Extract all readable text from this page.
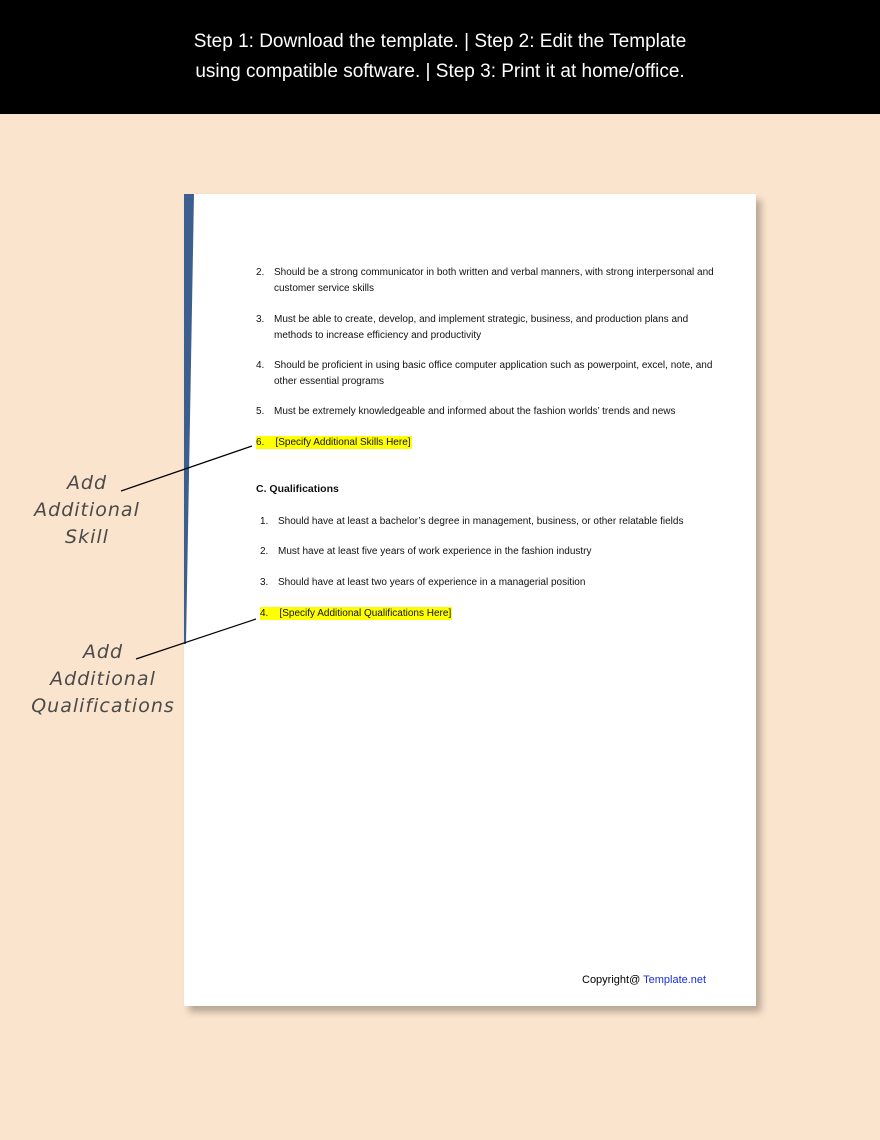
Step 1: Download the template. | Step 2: Edit the Template
using compatible software. | Step 3: Print it at home/office.
2. Should be a strong communicator in both written and verbal manners, with strong interpersonal and customer service skills
3. Must be able to create, develop, and implement strategic, business, and production plans and methods to increase efficiency and productivity
4. Should be proficient in using basic office computer application such as powerpoint, excel, note, and other essential programs
5. Must be extremely knowledgeable and informed about the fashion worlds’ trends and news
6. [Specify Additional Skills Here]
C. Qualifications
1. Should have at least a bachelor’s degree in management, business, or other relatable fields
2. Must have at least five years of work experience in the fashion industry
3. Should have at least two years of experience in a managerial position
4. [Specify Additional Qualifications Here]
Copyright@ Template.net
Add
Additional
Skill
Add
Additional
Qualifications
